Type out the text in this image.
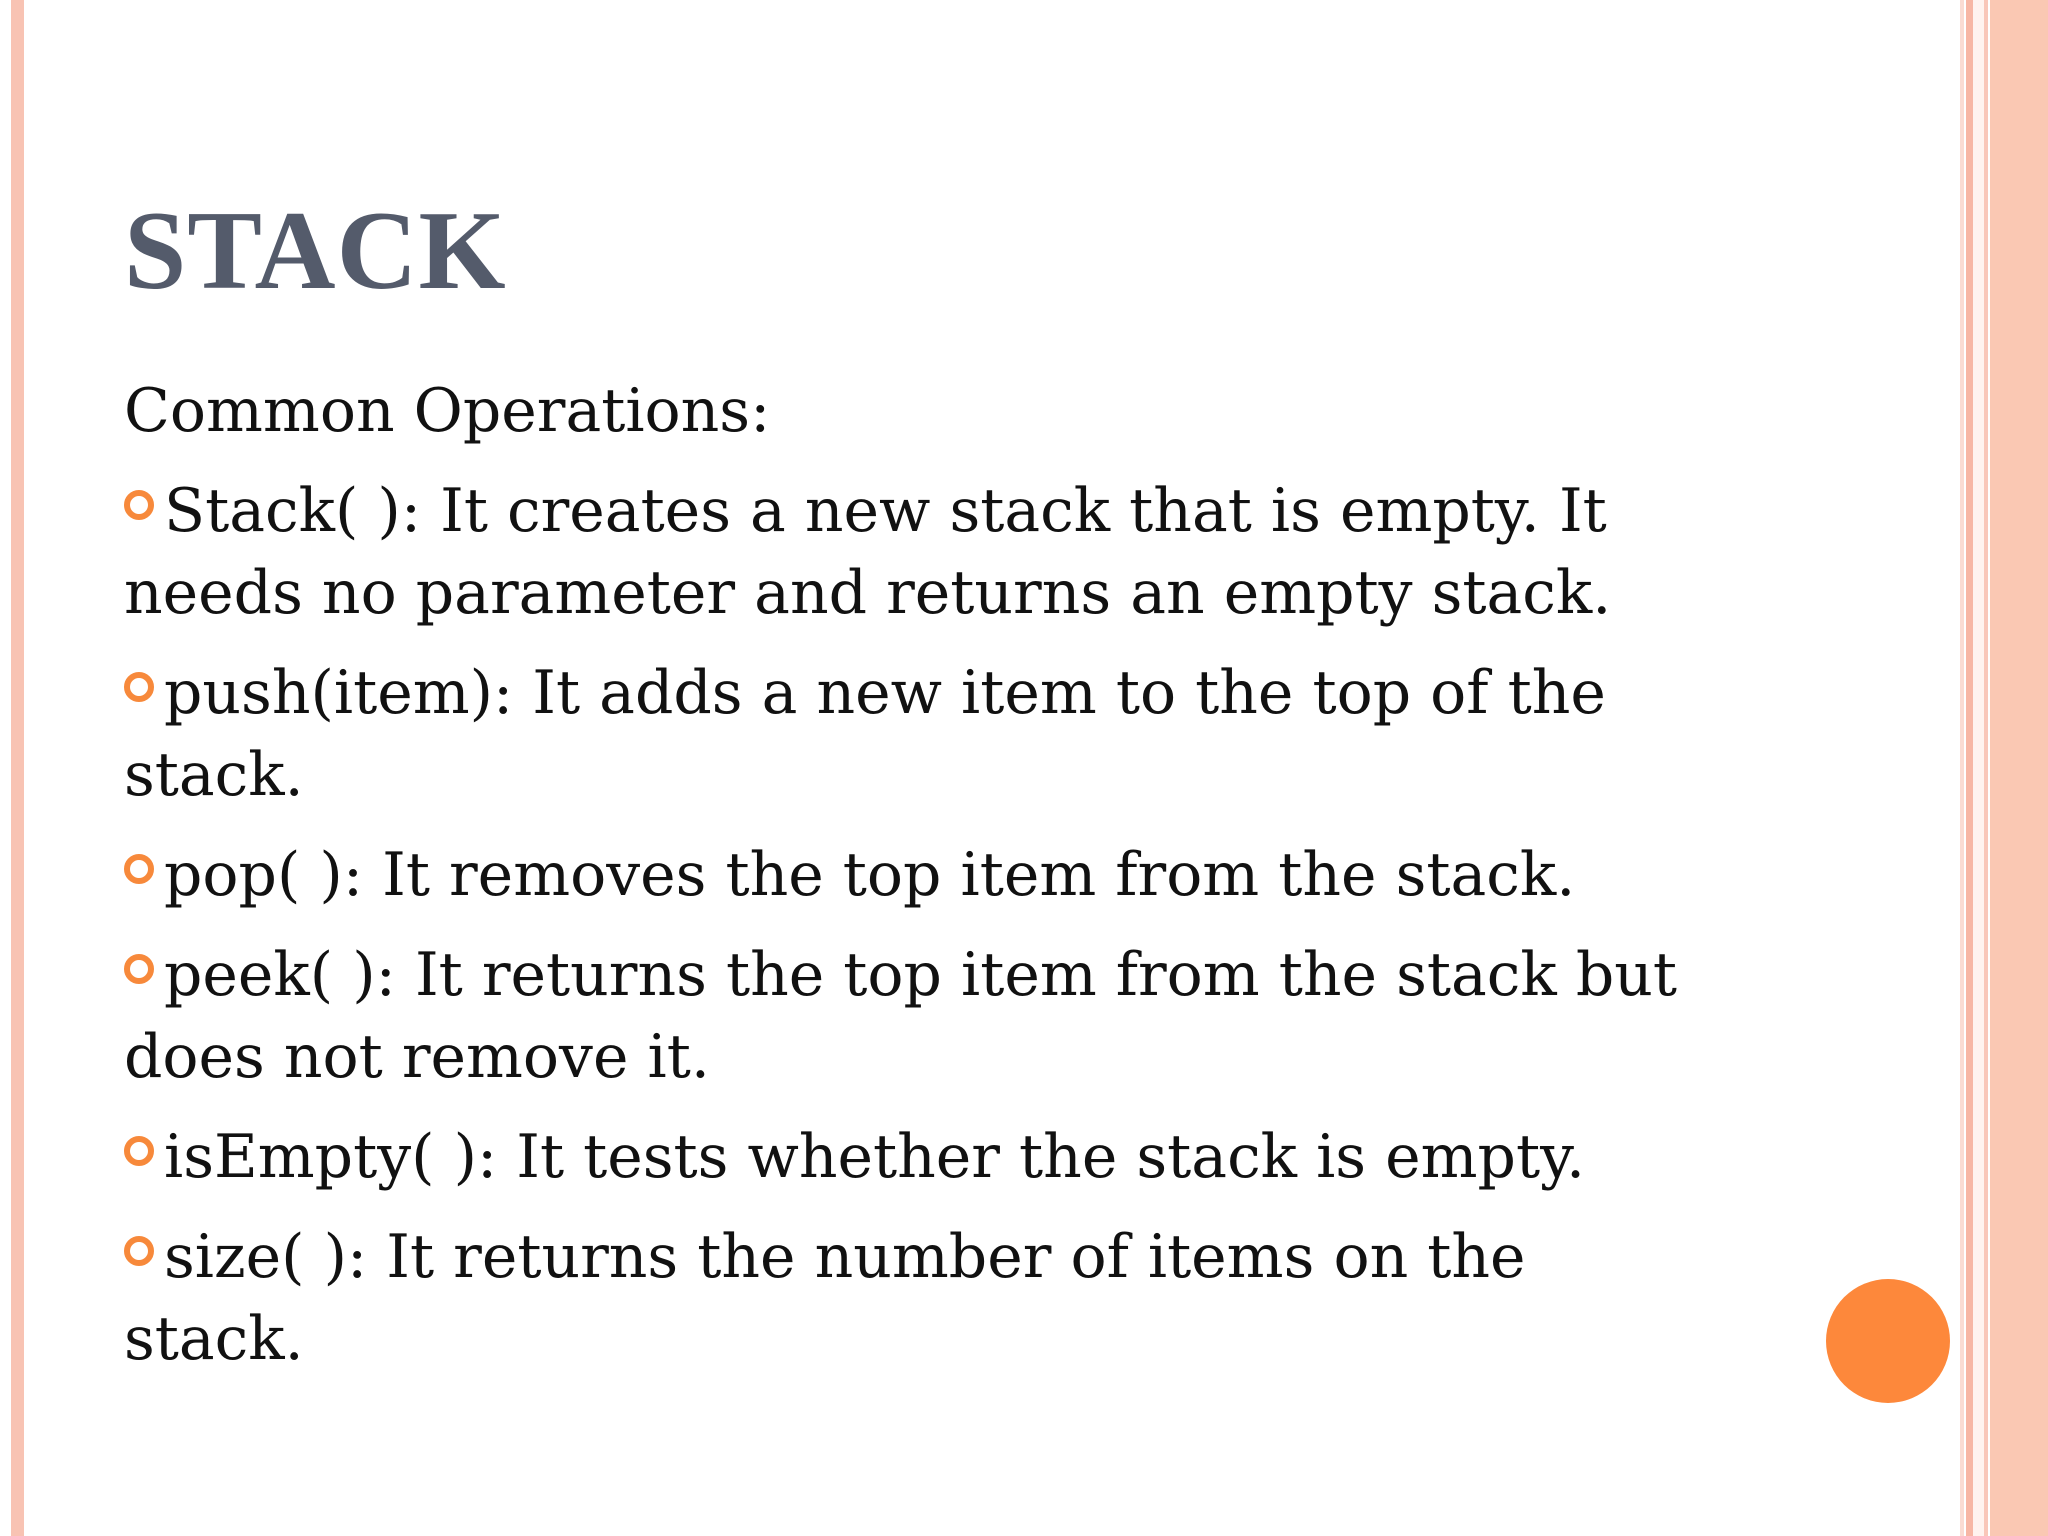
STACK

Common Operations:

Stack( ): It creates a new stack that is empty. It
needs no parameter and returns an empty stack.
push(item): It adds a new item to the top of the
stack.
pop( ): It removes the top item from the stack.
peek( ): It returns the top item from the stack but
does not remove it.
isEmpty( ): It tests whether the stack is empty.
size( ): It returns the number of items on the
stack.
